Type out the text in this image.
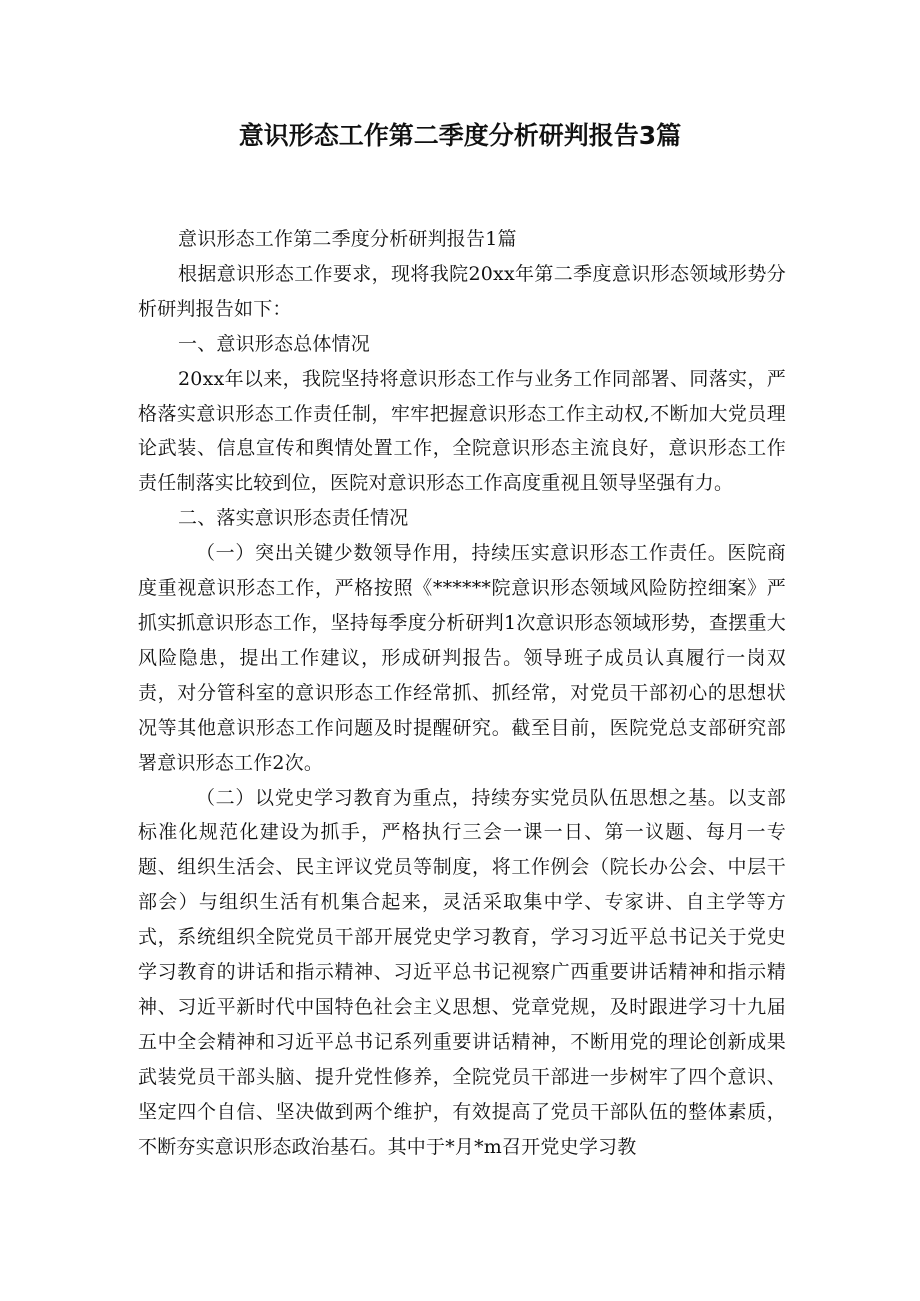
意识形态工作第二季度分析研判报告3篇

意识形态工作第二季度分析研判报告1篇

根据意识形态工作要求，现将我院20xx年第二季度意识形态领域形势分析研判报告如下：

一、意识形态总体情况

20xx年以来，我院坚持将意识形态工作与业务工作同部署、同落实，严格落实意识形态工作责任制，牢牢把握意识形态工作主动权,不断加大党员理论武装、信息宣传和舆情处置工作，全院意识形态主流良好，意识形态工作责任制落实比较到位，医院对意识形态工作高度重视且领导坚强有力。

二、落实意识形态责任情况

（一）突出关键少数领导作用，持续压实意识形态工作责任。医院商度重视意识形态工作，严格按照《******院意识形态领域风险防控细案》严抓实抓意识形态工作，坚持每季度分析研判1次意识形态领域形势，查摆重大风险隐患，提出工作建议，形成研判报告。领导班子成员认真履行一岗双责，对分管科室的意识形态工作经常抓、抓经常，对党员干部初心的思想状况等其他意识形态工作问题及时提醒研究。截至目前，医院党总支部研究部署意识形态工作2次。

（二）以党史学习教育为重点，持续夯实党员队伍思想之基。以支部标准化规范化建设为抓手，严格执行三会一课一日、第一议题、每月一专题、组织生活会、民主评议党员等制度，将工作例会（院长办公会、中层干部会）与组织生活有机集合起来，灵活采取集中学、专家讲、自主学等方式，系统组织全院党员干部开展党史学习教育，学习习近平总书记关于党史学习教育的讲话和指示精神、习近平总书记视察广西重要讲话精神和指示精神、习近平新时代中国特色社会主义思想、党章党规，及时跟进学习十九届五中全会精神和习近平总书记系列重要讲话精神，不断用党的理论创新成果武装党员干部头脑、提升党性修养，全院党员干部进一步树牢了四个意识、坚定四个自信、坚决做到两个维护，有效提高了党员干部队伍的整体素质，不断夯实意识形态政治基石。其中于*月*m召开党史学习教
